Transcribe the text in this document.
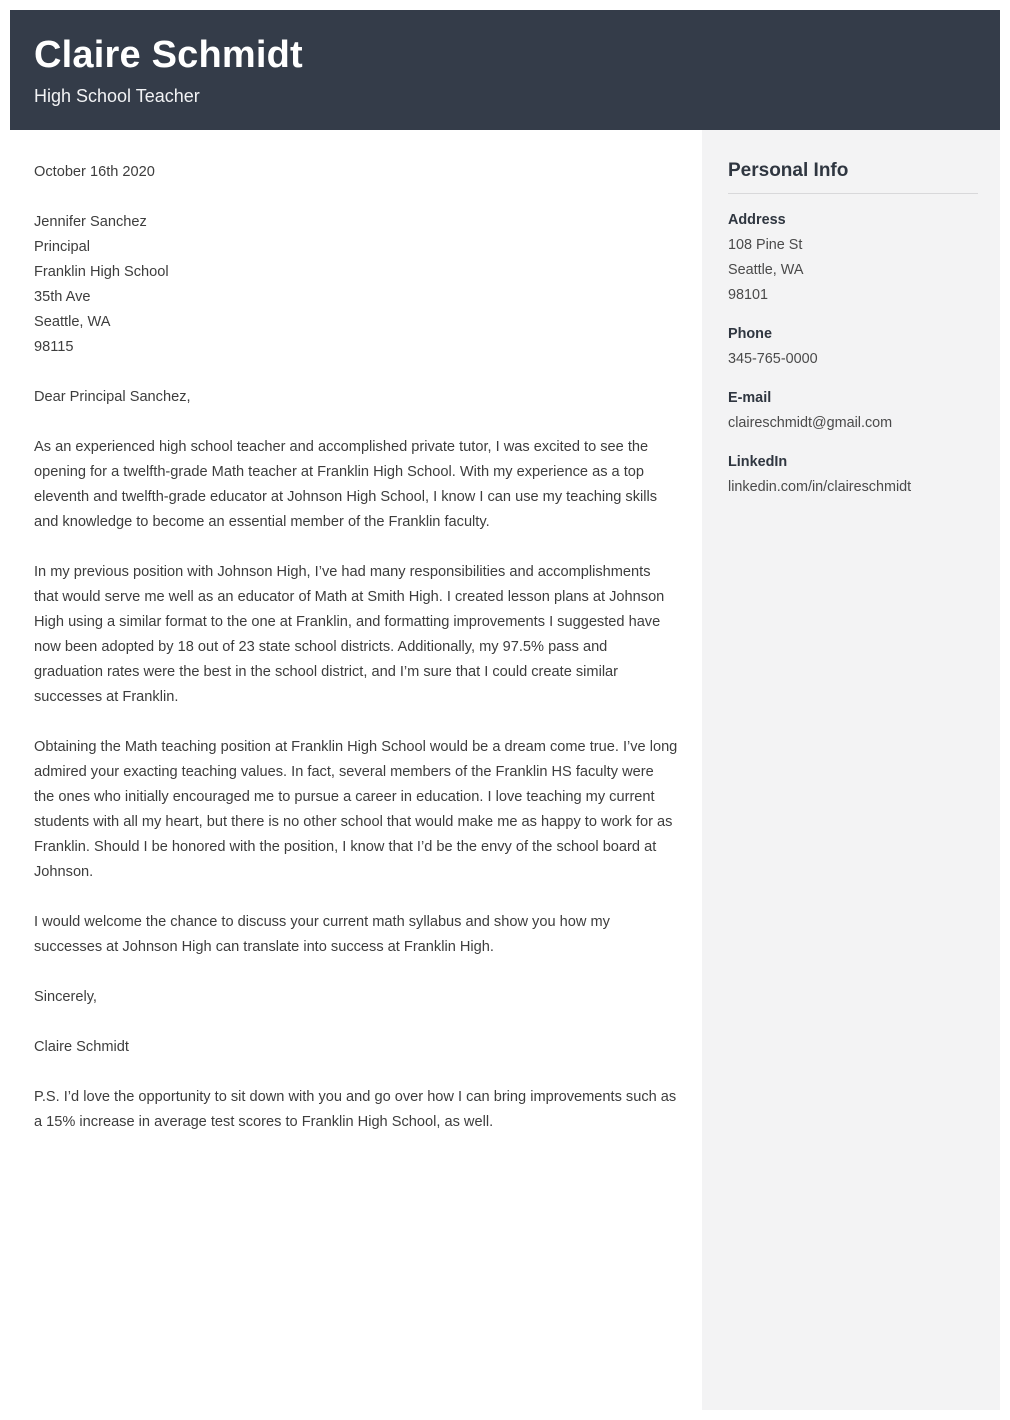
Claire Schmidt
High School Teacher

October 16th 2020

Jennifer Sanchez
Principal
Franklin High School
35th Ave
Seattle, WA
98115

Dear Principal Sanchez,

As an experienced high school teacher and accomplished private tutor, I was excited to see the opening for a twelfth-grade Math teacher at Franklin High School. With my experience as a top eleventh and twelfth-grade educator at Johnson High School, I know I can use my teaching skills and knowledge to become an essential member of the Franklin faculty.

In my previous position with Johnson High, I’ve had many responsibilities and accomplishments that would serve me well as an educator of Math at Smith High. I created lesson plans at Johnson High using a similar format to the one at Franklin, and formatting improvements I suggested have now been adopted by 18 out of 23 state school districts. Additionally, my 97.5% pass and graduation rates were the best in the school district, and I’m sure that I could create similar successes at Franklin.

Obtaining the Math teaching position at Franklin High School would be a dream come true. I’ve long admired your exacting teaching values. In fact, several members of the Franklin HS faculty were the ones who initially encouraged me to pursue a career in education. I love teaching my current students with all my heart, but there is no other school that would make me as happy to work for as Franklin. Should I be honored with the position, I know that I’d be the envy of the school board at Johnson.

I would welcome the chance to discuss your current math syllabus and show you how my successes at Johnson High can translate into success at Franklin High.

Sincerely,

Claire Schmidt

P.S. I’d love the opportunity to sit down with you and go over how I can bring improvements such as a 15% increase in average test scores to Franklin High School, as well.

Personal Info
Address
108 Pine St
Seattle, WA
98101
Phone
345-765-0000
E-mail
claireschmidt@gmail.com
LinkedIn
linkedin.com/in/claireschmidt
